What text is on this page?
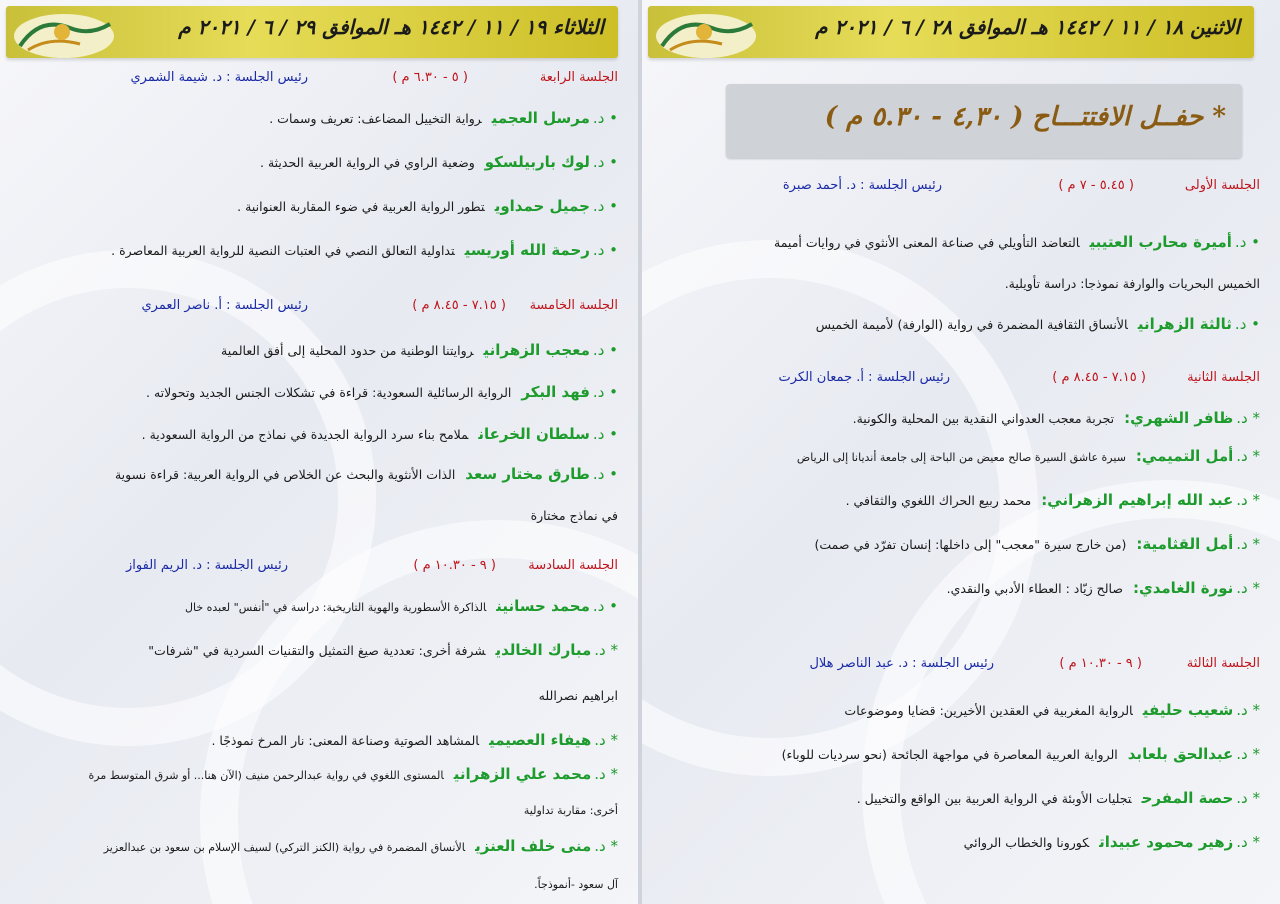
الثلاثاء ١٩ / ١١ / ١٤٤٢ هـ الموافق ٢٩ / ٦ / ٢٠٢١ م
الجلسة الرابعة
( ٥ - ٦.٣٠ م )
رئيس الجلسة : د. شيمة الشمري
• د.مرسل العجميرواية التخييل المضاعف: تعريف وسمات .
• د.لوك باربيلسكووضعية الراوي في الرواية العربية الحديثة .
• د.جميل حمداويتطور الرواية العربية في ضوء المقاربة العنوانية .
• د.رحمة الله أوريسيتداولية التعالق النصي في العتبات النصية للرواية العربية المعاصرة .
الجلسة الخامسة
( ٧.١٥ - ٨.٤٥ م )
رئيس الجلسة : أ. ناصر العمري
• د.معجب الزهرانيروايتنا الوطنية من حدود المحلية إلى أفق العالمية
• د.فهد البكرالرواية الرسائلية السعودية: قراءة في تشكلات الجنس الجديد وتحولاته .
• د.سلطان الخرعانملامح بناء سرد الرواية الجديدة في نماذج من الرواية السعودية .
• د.طارق مختار سعدالذات الأنثوية والبحث عن الخلاص في الرواية العربية: قراءة نسوية
في نماذج مختارة
الجلسة السادسة
( ٩ - ١٠.٣٠ م )
رئيس الجلسة : د. الريم الفواز
• د.محمد حسانينالذاكرة الأسطورية والهوية التاريخية: دراسة في "أنفس" لعبده خال
* د.مبارك الخالديشرفة أخرى: تعددية صيغ التمثيل والتقنيات السردية في "شرفات"
ابراهيم نصرالله
* د.هيفاء العصيميالمشاهد الصوتية وصناعة المعنى: نار المرخ نموذجًا .
* د.محمد علي الزهرانيالمستوى اللغوي في رواية عبدالرحمن منيف (الآن هنا... أو شرق المتوسط مرة
أخرى: مقاربة تداولية
* د.منى خلف العنزيالأنساق المضمرة في رواية (الكنز التركي) لسيف الإسلام بن سعود بن عبدالعزيز
آل سعود -أنموذجاً.
الاثنين ١٨ / ١١ / ١٤٤٢ هـ الموافق ٢٨ / ٦ / ٢٠٢١ م
* حفــل الافتتـــاح ( ٤,٣٠ - ٥.٣٠ م )
الجلسة الأولى
( ٥.٤٥ - ٧ م )
رئيس الجلسة : د. أحمد صبرة
• د.أميرة محارب العتيبيالتعاضد التأويلي في صناعة المعنى الأنثوي في روايات أميمة
الخميس البحريات والوارفة نموذجا: دراسة تأويلية.
• د.ثالثة الزهرانيالأنساق الثقافية المضمرة في رواية (الوارفة) لأميمة الخميس
الجلسة الثانية
( ٧.١٥ - ٨.٤٥ م )
رئيس الجلسة : أ. جمعان الكرت
* د.ظافر الشهري:تجربة معجب العدواني النقدية بين المحلية والكونية.
* د.أمل التميمي:سيرة عاشق السيرة صالح معيض من الباحة إلى جامعة أنديانا إلى الرياض
* د.عبد الله إبراهيم الزهراني:محمد ربيع الحراك اللغوي والثقافي .
* د.أمل القثامية:(من خارج سيرة "معجب" إلى داخلها: إنسان تفرّد في صمت)
* د.نورة الغامدي:صالح زيّاد : العطاء الأدبي والنقدي.
الجلسة الثالثة
( ٩ - ١٠.٣٠ م )
رئيس الجلسة : د. عبد الناصر هلال
* د.شعيب حليفيالرواية المغربية في العقدين الأخيرين: قضايا وموضوعات
* د.عبدالحق بلعابدالرواية العربية المعاصرة في مواجهة الجائحة (نحو سرديات للوباء)
* د.حصة المفرحتجليات الأوبئة في الرواية العربية بين الواقع والتخييل .
* د.زهير محمود عبيداتكورونا والخطاب الروائي
